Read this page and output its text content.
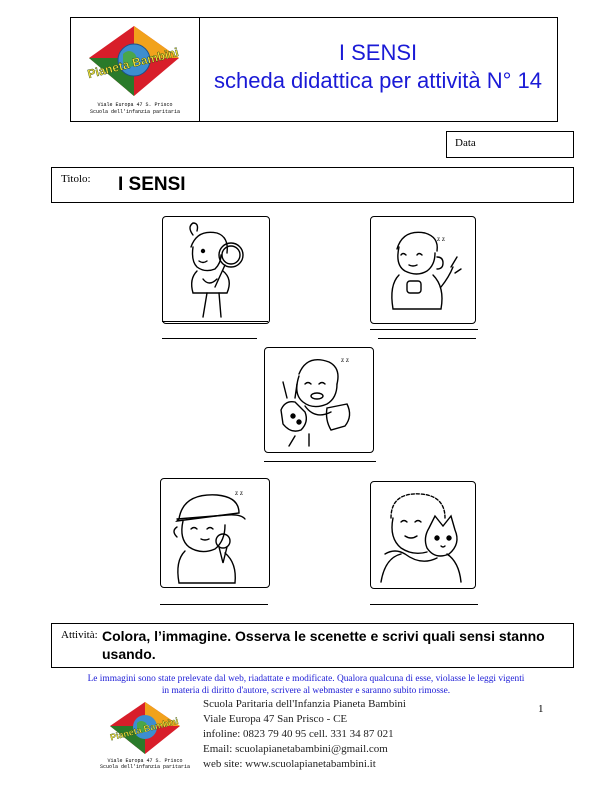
Pianeta Bambini
Viale Europa 47 S. Prisco
Scuola dell'infanzia paritaria
I SENSI
scheda didattica per attività N° 14
Data
Titolo: I SENSI
z z
z z
z z
Attività: Colora, l’immagine. Osserva le scenette e scrivi quali sensi stanno usando.
Le immagini sono state prelevate dal web, riadattate e modificate. Qualora qualcuna di esse, violasse le leggi vigenti
in materia di diritto d'autore, scrivere al webmaster e saranno subito rimosse.
1
Pianeta Bambini
Viale Europa 47 S. Prisco
Scuola dell'infanzia paritaria
Scuola Paritaria dell'Infanzia Pianeta Bambini
Viale Europa 47 San Prisco - CE
infoline: 0823 79 40 95 cell. 331 34 87 021
Email: scuolapianetabambini@gmail.com
web site: www.scuolapianetabambini.it
